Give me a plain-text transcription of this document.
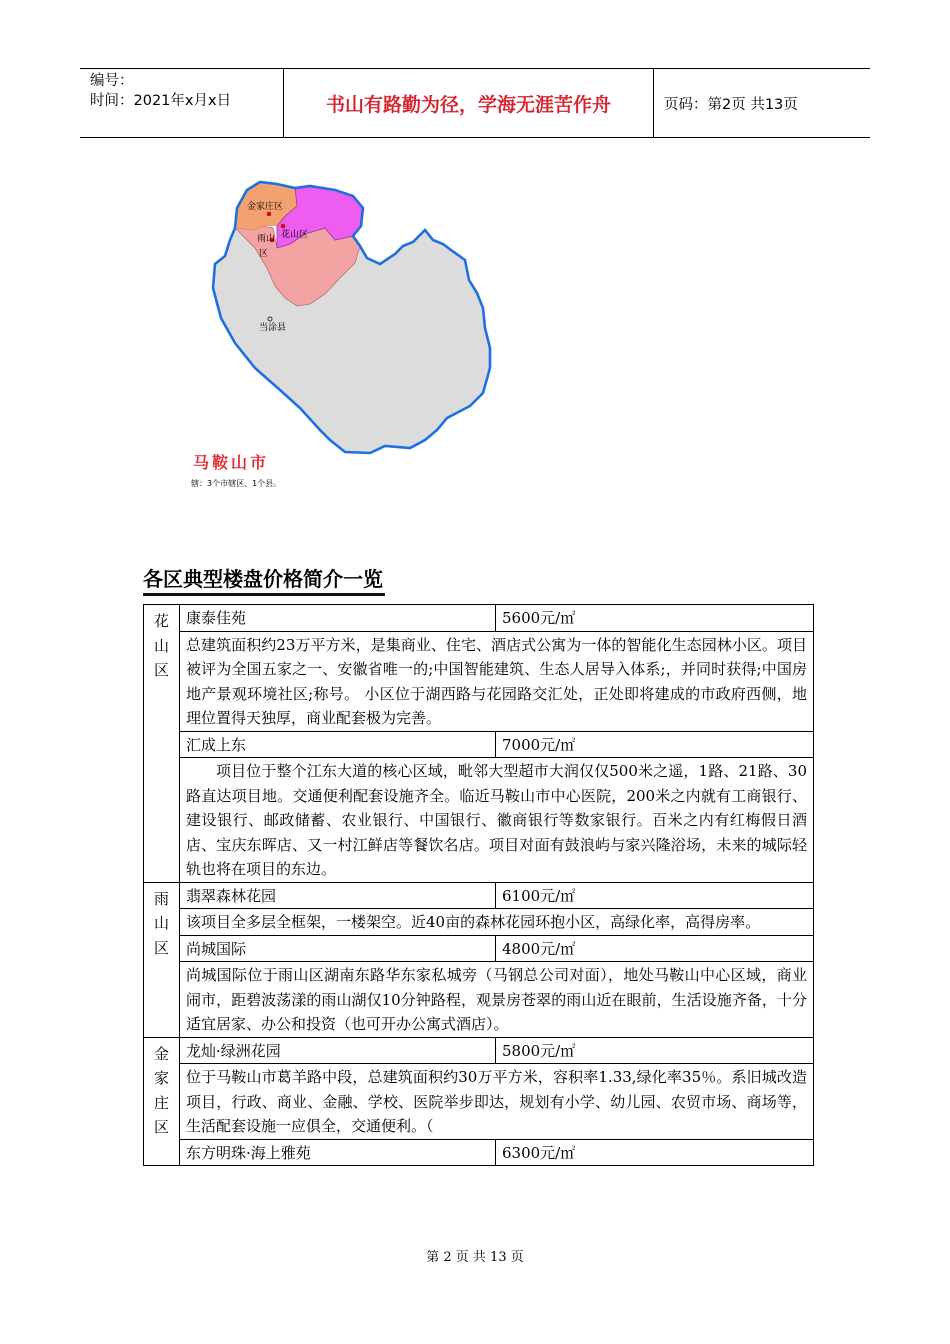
编号：
时间：2021年x月x日	书山有路勤为径，学海无涯苦作舟	页码：第2页 共13页
金家庄区
花山区
雨山
区
当涂县
马鞍山市
辖：3个市辖区、1个县。
各区典型楼盘价格简介一览
花山区	康泰佳苑	5600元/㎡
	总建筑面积约23万平方米，是集商业、住宅、酒店式公寓为一体的智能化生态园林小区。项目被评为全国五家之一、安徽省唯一的;中国智能建筑、生态人居导入体系;，并同时获得;中国房地产景观环境社区;称号。 小区位于湖西路与花园路交汇处，正处即将建成的市政府西侧，地理位置得天独厚，商业配套极为完善。	
	汇成上东	7000元/㎡
	项目位于整个江东大道的核心区域，毗邻大型超市大润仅仅500米之遥，1路、21路、30路直达项目地。交通便利配套设施齐全。临近马鞍山市中心医院，200米之内就有工商银行、建设银行、邮政储蓄、农业银行、中国银行、徽商银行等数家银行。百米之内有红梅假日酒店、宝庆东晖店、又一村江鲜店等餐饮名店。项目对面有鼓浪屿与家兴隆浴场，未来的城际轻轨也将在项目的东边。	
雨山区	翡翠森林花园	6100元/㎡
	该项目全多层全框架，一楼架空。近40亩的森林花园环抱小区，高绿化率，高得房率。	
	尚城国际	4800元/㎡
	尚城国际位于雨山区湖南东路华东家私城旁（马钢总公司对面），地处马鞍山中心区域，商业闹市，距碧波荡漾的雨山湖仅10分钟路程，观景房苍翠的雨山近在眼前，生活设施齐备，十分适宜居家、办公和投资（也可开办公寓式酒店）。	
金家庄区	龙灿·绿洲花园	5800元/㎡
	位于马鞍山市葛羊路中段，总建筑面积约30万平方米，容积率1.33,绿化率35％。系旧城改造项目，行政、商业、金融、学校、医院举步即达，规划有小学、幼儿园、农贸市场、商场等，生活配套设施一应俱全，交通便利。（	
	东方明珠·海上雅苑	6300元/㎡
第 2 页 共 13 页
